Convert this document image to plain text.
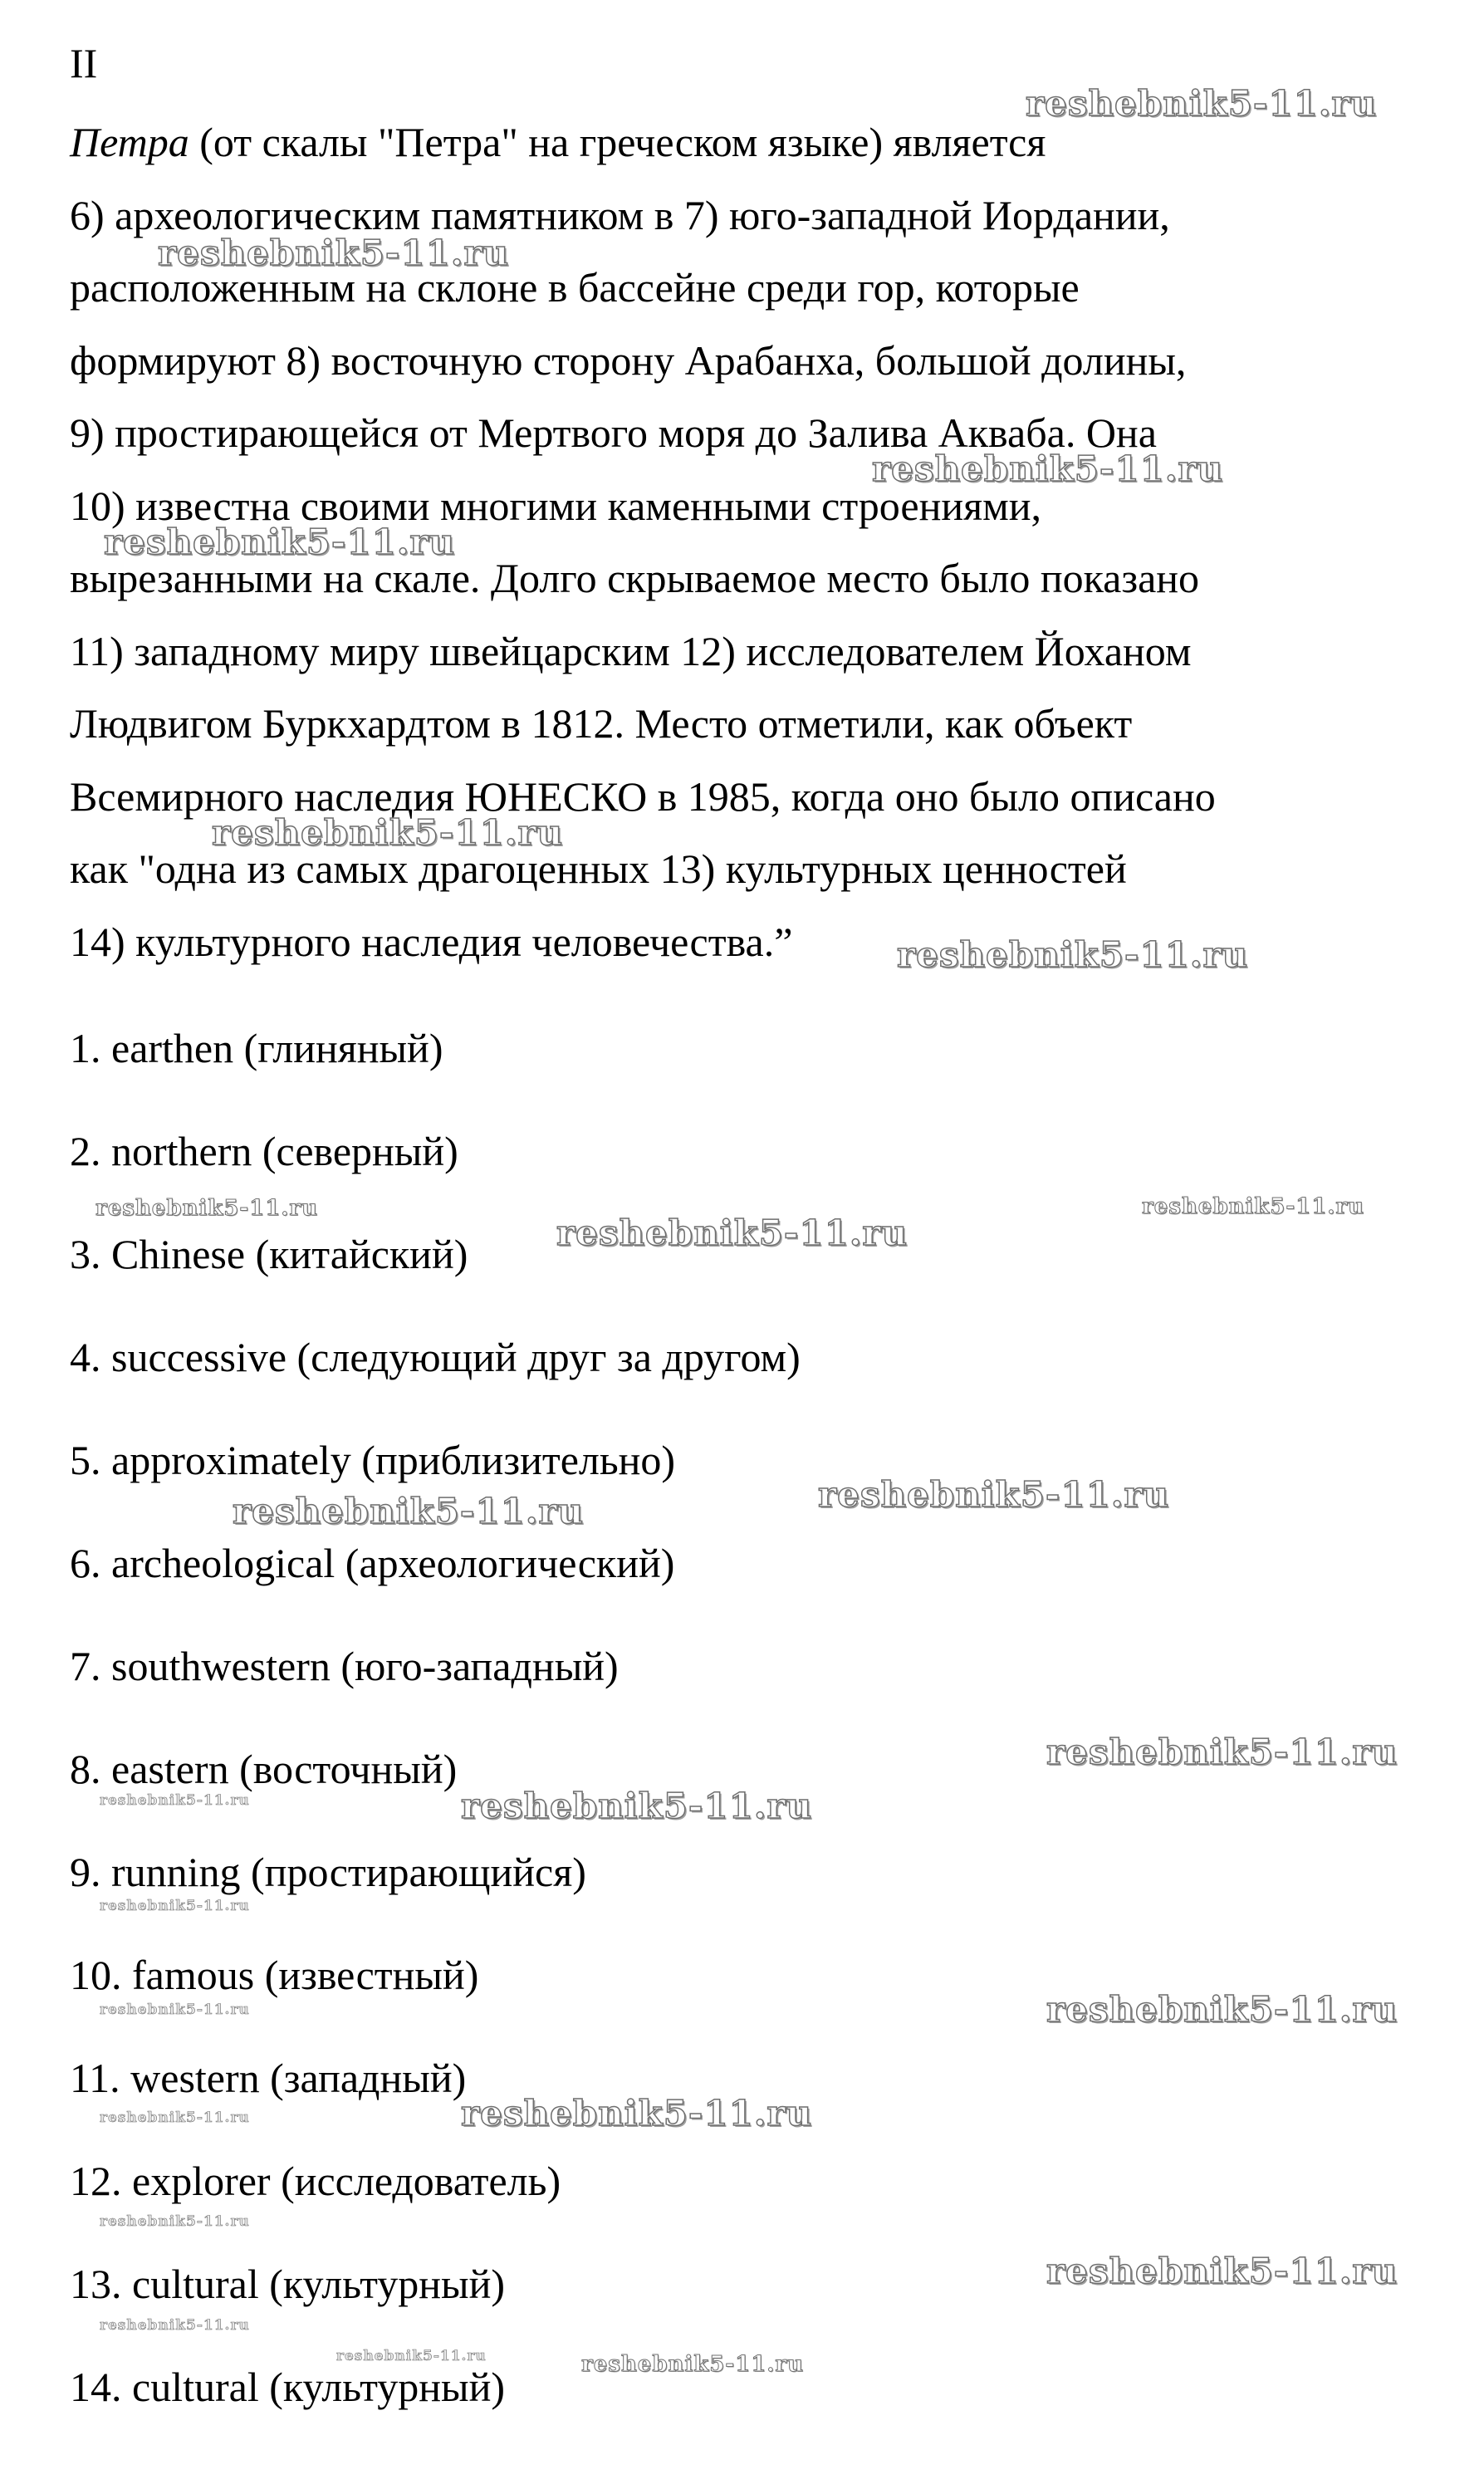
II

Петра (от скалы "Петра" на греческом языке) является

6) археологическим памятником в 7) юго-западной Иордании,

расположенным на склоне в бассейне среди гор, которые

формируют 8) восточную сторону Арабанха, большой долины,

9) простирающейся от Мертвого моря до Залива Акваба. Она

10) известна своими многими каменными строениями,

вырезанными на скале. Долго скрываемое место было показано

11) западному миру швейцарским 12) исследователем Йоханом

Людвигом Буркхардтом в 1812. Место отметили, как объект

Всемирного наследия ЮНЕСКО в 1985, когда оно было описано

как "одна из самых драгоценных 13) культурных ценностей

14) культурного наследия человечества.”

1. earthen (глиняный)

2. northern (северный)

3. Chinese (китайский)

4. successive (следующий друг за другом)

5. approximately (приблизительно)

6. archeological (археологический)

7. southwestern (юго-западный)

8. eastern (восточный)

9. running (простирающийся)

10. famous (известный)

11. western (западный)

12. explorer (исследователь)

13. cultural (культурный)

14. cultural (культурный)

reshebnik5-11.ru
reshebnik5-11.ru
reshebnik5-11.ru
reshebnik5-11.ru
reshebnik5-11.ru
reshebnik5-11.ru
reshebnik5-11.ru	reshebnik5-11.ru
reshebnik5-11.ru
reshebnik5-11.ru
reshebnik5-11.ru
reshebnik5-11.ru
reshebnik5-11.ru	reshebnik5-11.ru
reshebnik5-11.ru
reshebnik5-11.ru	reshebnik5-11.ru
reshebnik5-11.ru	reshebnik5-11.ru
reshebnik5-11.ru
reshebnik5-11.ru
reshebnik5-11.ru
reshebnik5-11.ru	reshebnik5-11.ru
